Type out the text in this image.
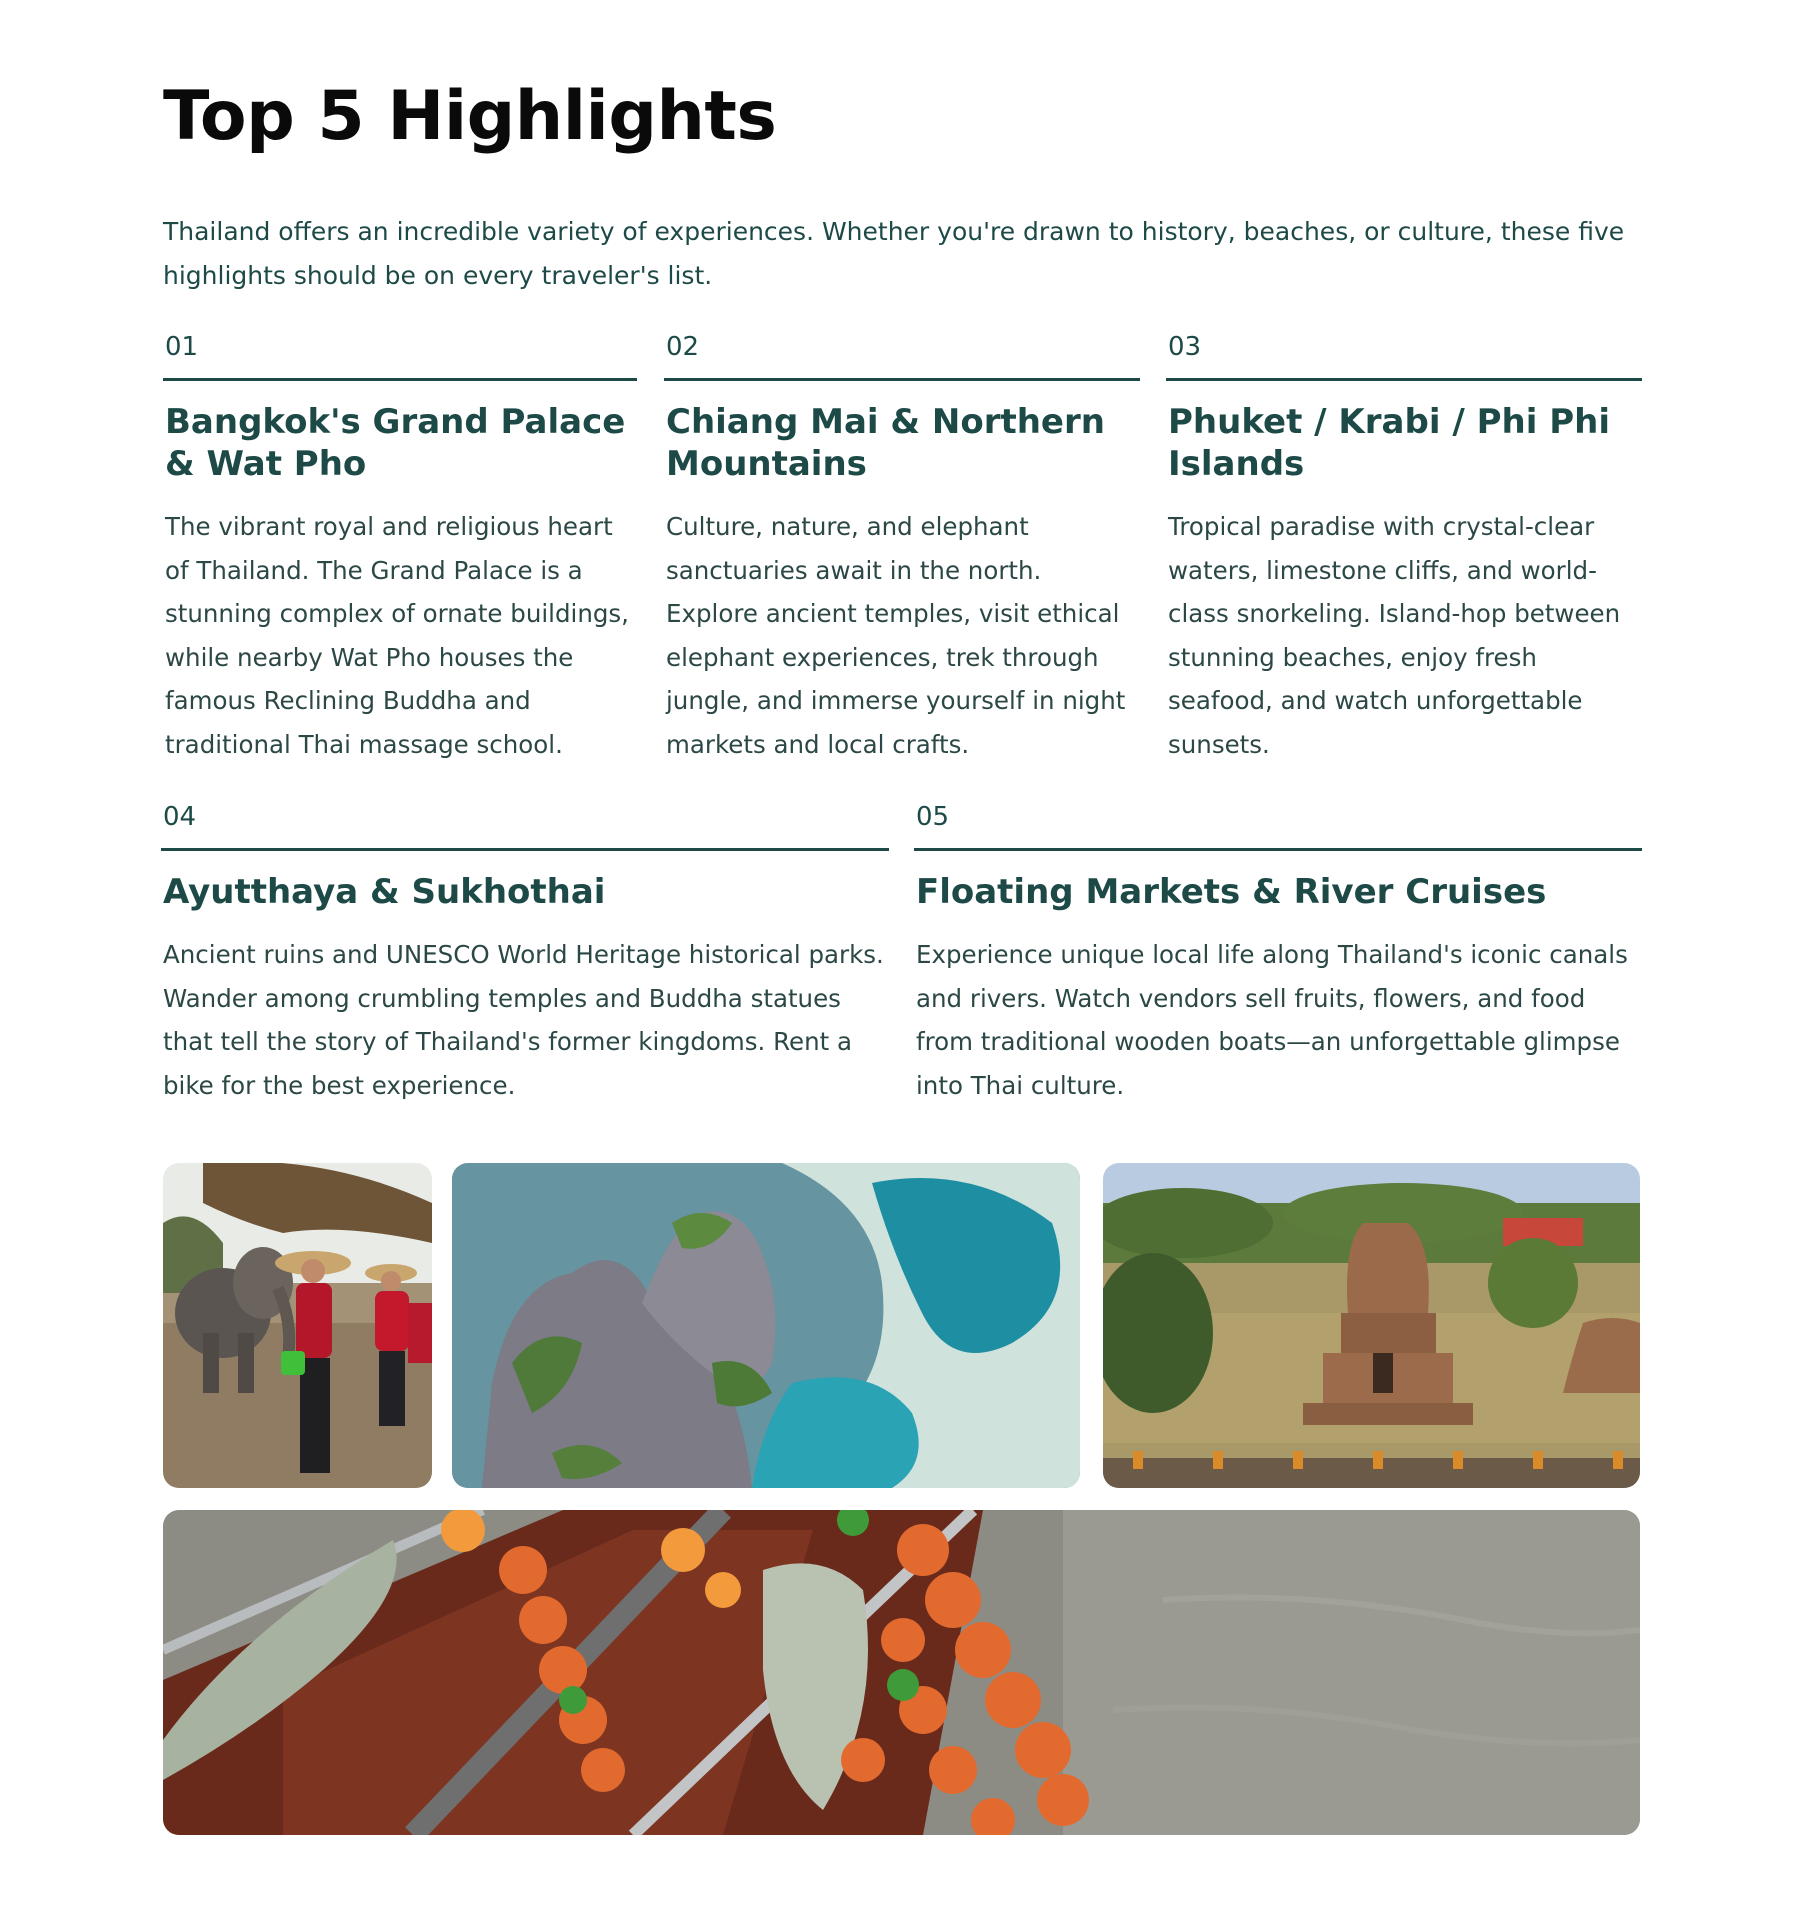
Top 5 Highlights

Thailand offers an incredible variety of experiences. Whether you're drawn to history, beaches, or culture, these five highlights should be on every traveler's list.

01
Bangkok's Grand Palace & Wat Pho
The vibrant royal and religious heart of Thailand. The Grand Palace is a stunning complex of ornate buildings, while nearby Wat Pho houses the famous Reclining Buddha and traditional Thai massage school.
02
Chiang Mai & Northern Mountains
Culture, nature, and elephant sanctuaries await in the north. Explore ancient temples, visit ethical elephant experiences, trek through jungle, and immerse yourself in night markets and local crafts.
03
Phuket / Krabi / Phi Phi Islands
Tropical paradise with crystal-clear waters, limestone cliffs, and world-class snorkeling. Island-hop between stunning beaches, enjoy fresh seafood, and watch unforgettable sunsets.
04
Ayutthaya & Sukhothai
Ancient ruins and UNESCO World Heritage historical parks. Wander among crumbling temples and Buddha statues that tell the story of Thailand's former kingdoms. Rent a bike for the best experience.
05
Floating Markets & River Cruises
Experience unique local life along Thailand's iconic canals and rivers. Watch vendors sell fruits, flowers, and food from traditional wooden boats—an unforgettable glimpse into Thai culture.
